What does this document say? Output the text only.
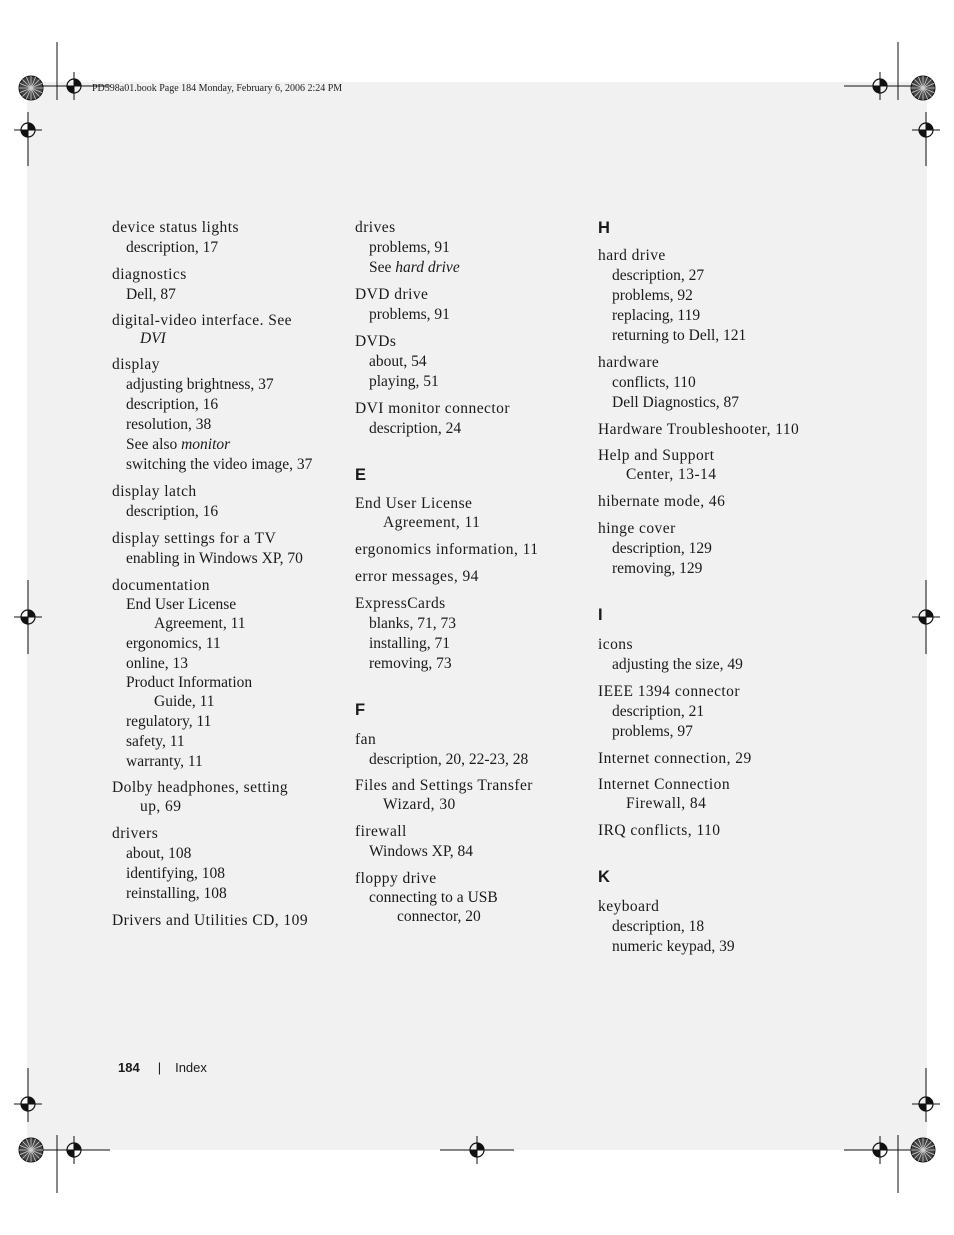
PD598a01.book Page 184 Monday, February 6, 2006 2:24 PM
device status lights
description, 17
diagnostics
Dell, 87
digital-video interface. See
DVI
display
adjusting brightness, 37
description, 16
resolution, 38
See also monitor
switching the video image, 37
display latch
description, 16
display settings for a TV
enabling in Windows XP, 70
documentation
End User License
Agreement, 11
ergonomics, 11
online, 13
Product Information
Guide, 11
regulatory, 11
safety, 11
warranty, 11
Dolby headphones, setting
up, 69
drivers
about, 108
identifying, 108
reinstalling, 108
Drivers and Utilities CD, 109
drives
problems, 91
See hard drive
DVD drive
problems, 91
DVDs
about, 54
playing, 51
DVI monitor connector
description, 24
E
End User License
Agreement, 11
ergonomics information, 11
error messages, 94
ExpressCards
blanks, 71, 73
installing, 71
removing, 73
F
fan
description, 20, 22-23, 28
Files and Settings Transfer
Wizard, 30
firewall
Windows XP, 84
floppy drive
connecting to a USB
connector, 20
H
hard drive
description, 27
problems, 92
replacing, 119
returning to Dell, 121
hardware
conflicts, 110
Dell Diagnostics, 87
Hardware Troubleshooter, 110
Help and Support
Center, 13-14
hibernate mode, 46
hinge cover
description, 129
removing, 129
I
icons
adjusting the size, 49
IEEE 1394 connector
description, 21
problems, 97
Internet connection, 29
Internet Connection
Firewall, 84
IRQ conflicts, 110
K
keyboard
description, 18
numeric keypad, 39
184 | Index
